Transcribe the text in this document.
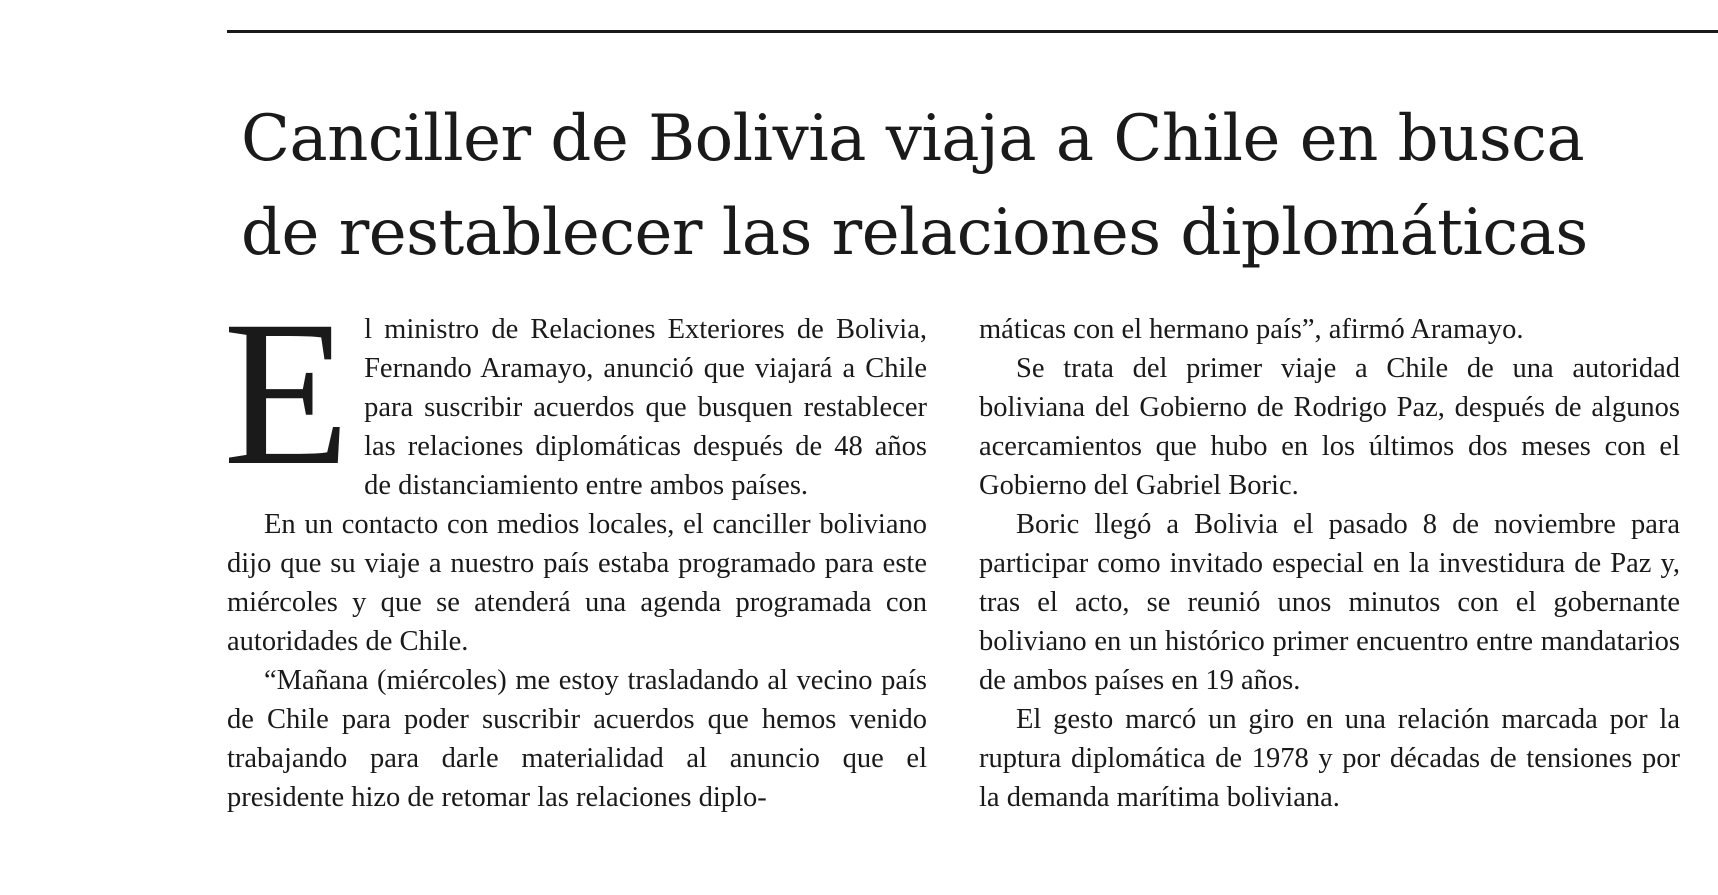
Canciller de Bolivia viaja a Chile en busca
de restablecer las relaciones diplomáticas

El ministro de Relaciones Exteriores de Bolivia, Fernando Aramayo, anunció que viajará a Chile para suscribir acuerdos que busquen restablecer las relaciones diplomáticas después de 48 años de distanciamiento entre ambos países.

En un contacto con medios locales, el canciller boliviano dijo que su viaje a nuestro país estaba programado para este miércoles y que se atenderá una agenda programada con autoridades de Chile.

“Mañana (miércoles) me estoy trasladando al vecino país de Chile para poder suscribir acuerdos que hemos venido trabajando para darle materialidad al anuncio que el presidente hizo de retomar las relaciones diplo-

máticas con el hermano país”, afirmó Aramayo.

Se trata del primer viaje a Chile de una autoridad boliviana del Gobierno de Rodrigo Paz, después de algunos acercamientos que hubo en los últimos dos meses con el Gobierno del Gabriel Boric.

Boric llegó a Bolivia el pasado 8 de noviembre para participar como invitado especial en la investidura de Paz y, tras el acto, se reunió unos minutos con el gobernante boliviano en un histórico primer encuentro entre mandatarios de ambos países en 19 años.

El gesto marcó un giro en una relación marcada por la ruptura diplomática de 1978 y por décadas de tensiones por la demanda marítima boliviana.
